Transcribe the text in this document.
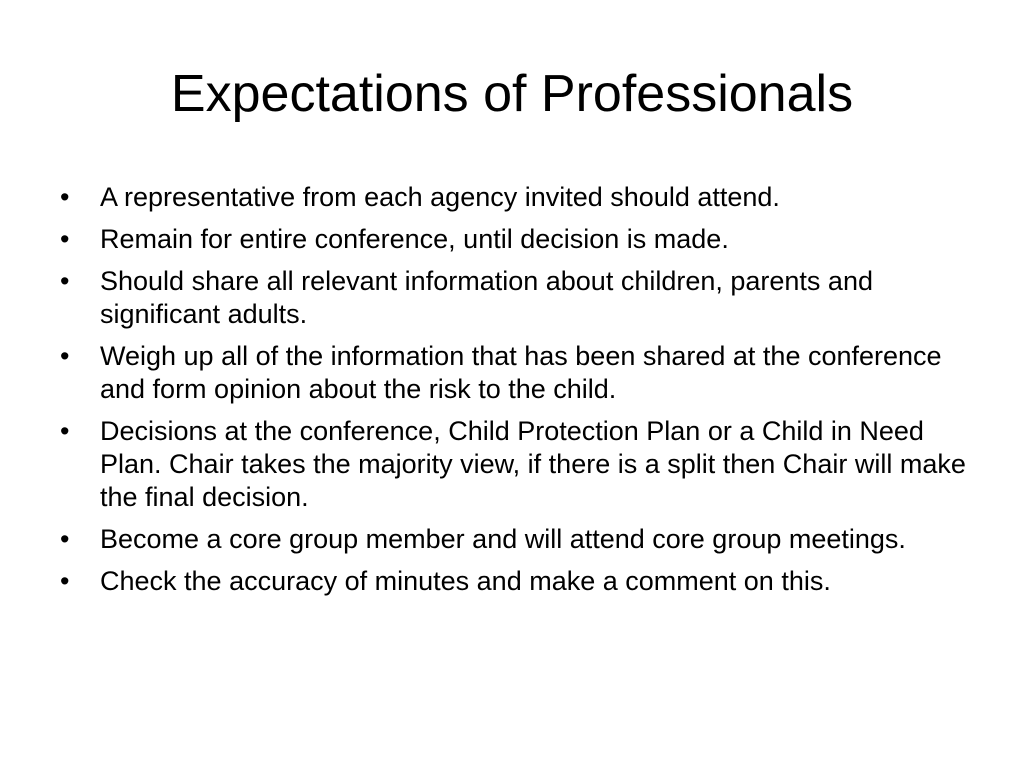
Expectations of Professionals
•	A representative from each agency invited should attend.
•	Remain for entire conference, until decision is made.
•	Should share all relevant information about children, parents and significant adults.
•	Weigh up all of the information that has been shared at the conference and form opinion about the risk to the child.
•	Decisions at the conference, Child Protection Plan or a Child in Need Plan. Chair takes the majority view, if there is a split then Chair will make the final decision.
•	Become a core group member and will attend core group meetings.
•	Check the accuracy of minutes and make a comment on this.
